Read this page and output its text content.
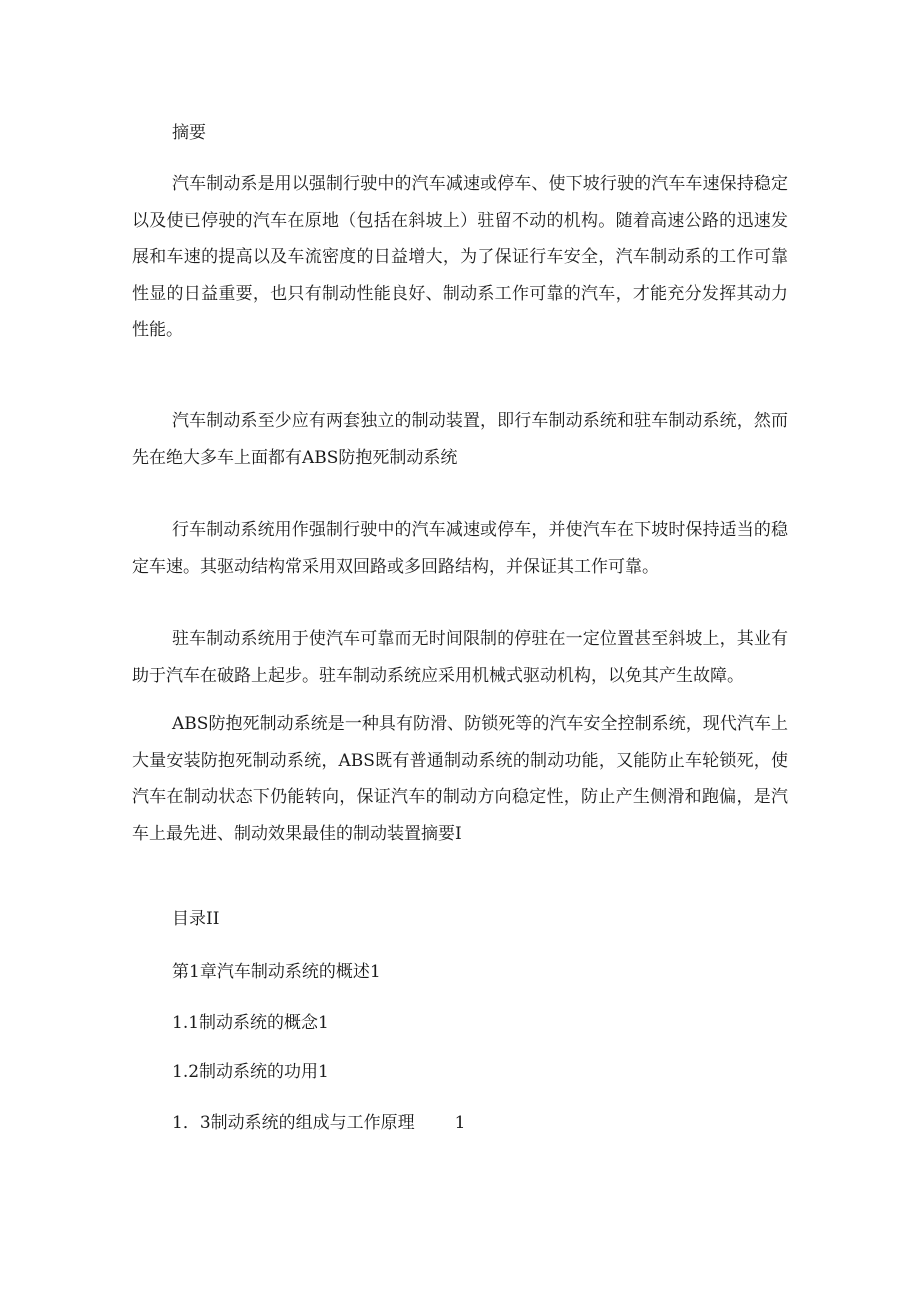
摘要

汽车制动系是用以强制行驶中的汽车减速或停车、使下坡行驶的汽车车速保持稳定以及使已停驶的汽车在原地（包括在斜坡上）驻留不动的机构。随着高速公路的迅速发展和车速的提高以及车流密度的日益增大，为了保证行车安全，汽车制动系的工作可靠性显的日益重要，也只有制动性能良好、制动系工作可靠的汽车，才能充分发挥其动力性能。

汽车制动系至少应有两套独立的制动装置，即行车制动系统和驻车制动系统，然而先在绝大多车上面都有ABS防抱死制动系统

行车制动系统用作强制行驶中的汽车减速或停车，并使汽车在下坡时保持适当的稳定车速。其驱动结构常采用双回路或多回路结构，并保证其工作可靠。

驻车制动系统用于使汽车可靠而无时间限制的停驻在一定位置甚至斜坡上，其业有助于汽车在破路上起步。驻车制动系统应采用机械式驱动机构，以免其产生故障。

ABS防抱死制动系统是一种具有防滑、防锁死等的汽车安全控制系统，现代汽车上大量安装防抱死制动系统，ABS既有普通制动系统的制动功能，又能防止车轮锁死，使汽车在制动状态下仍能转向，保证汽车的制动方向稳定性，防止产生侧滑和跑偏，是汽车上最先进、制动效果最佳的制动装置摘要I

目录II
第1章汽车制动系统的概述1
1.1制动系统的概念1
1.2制动系统的功用1
1．3制动系统的组成与工作原理 1
